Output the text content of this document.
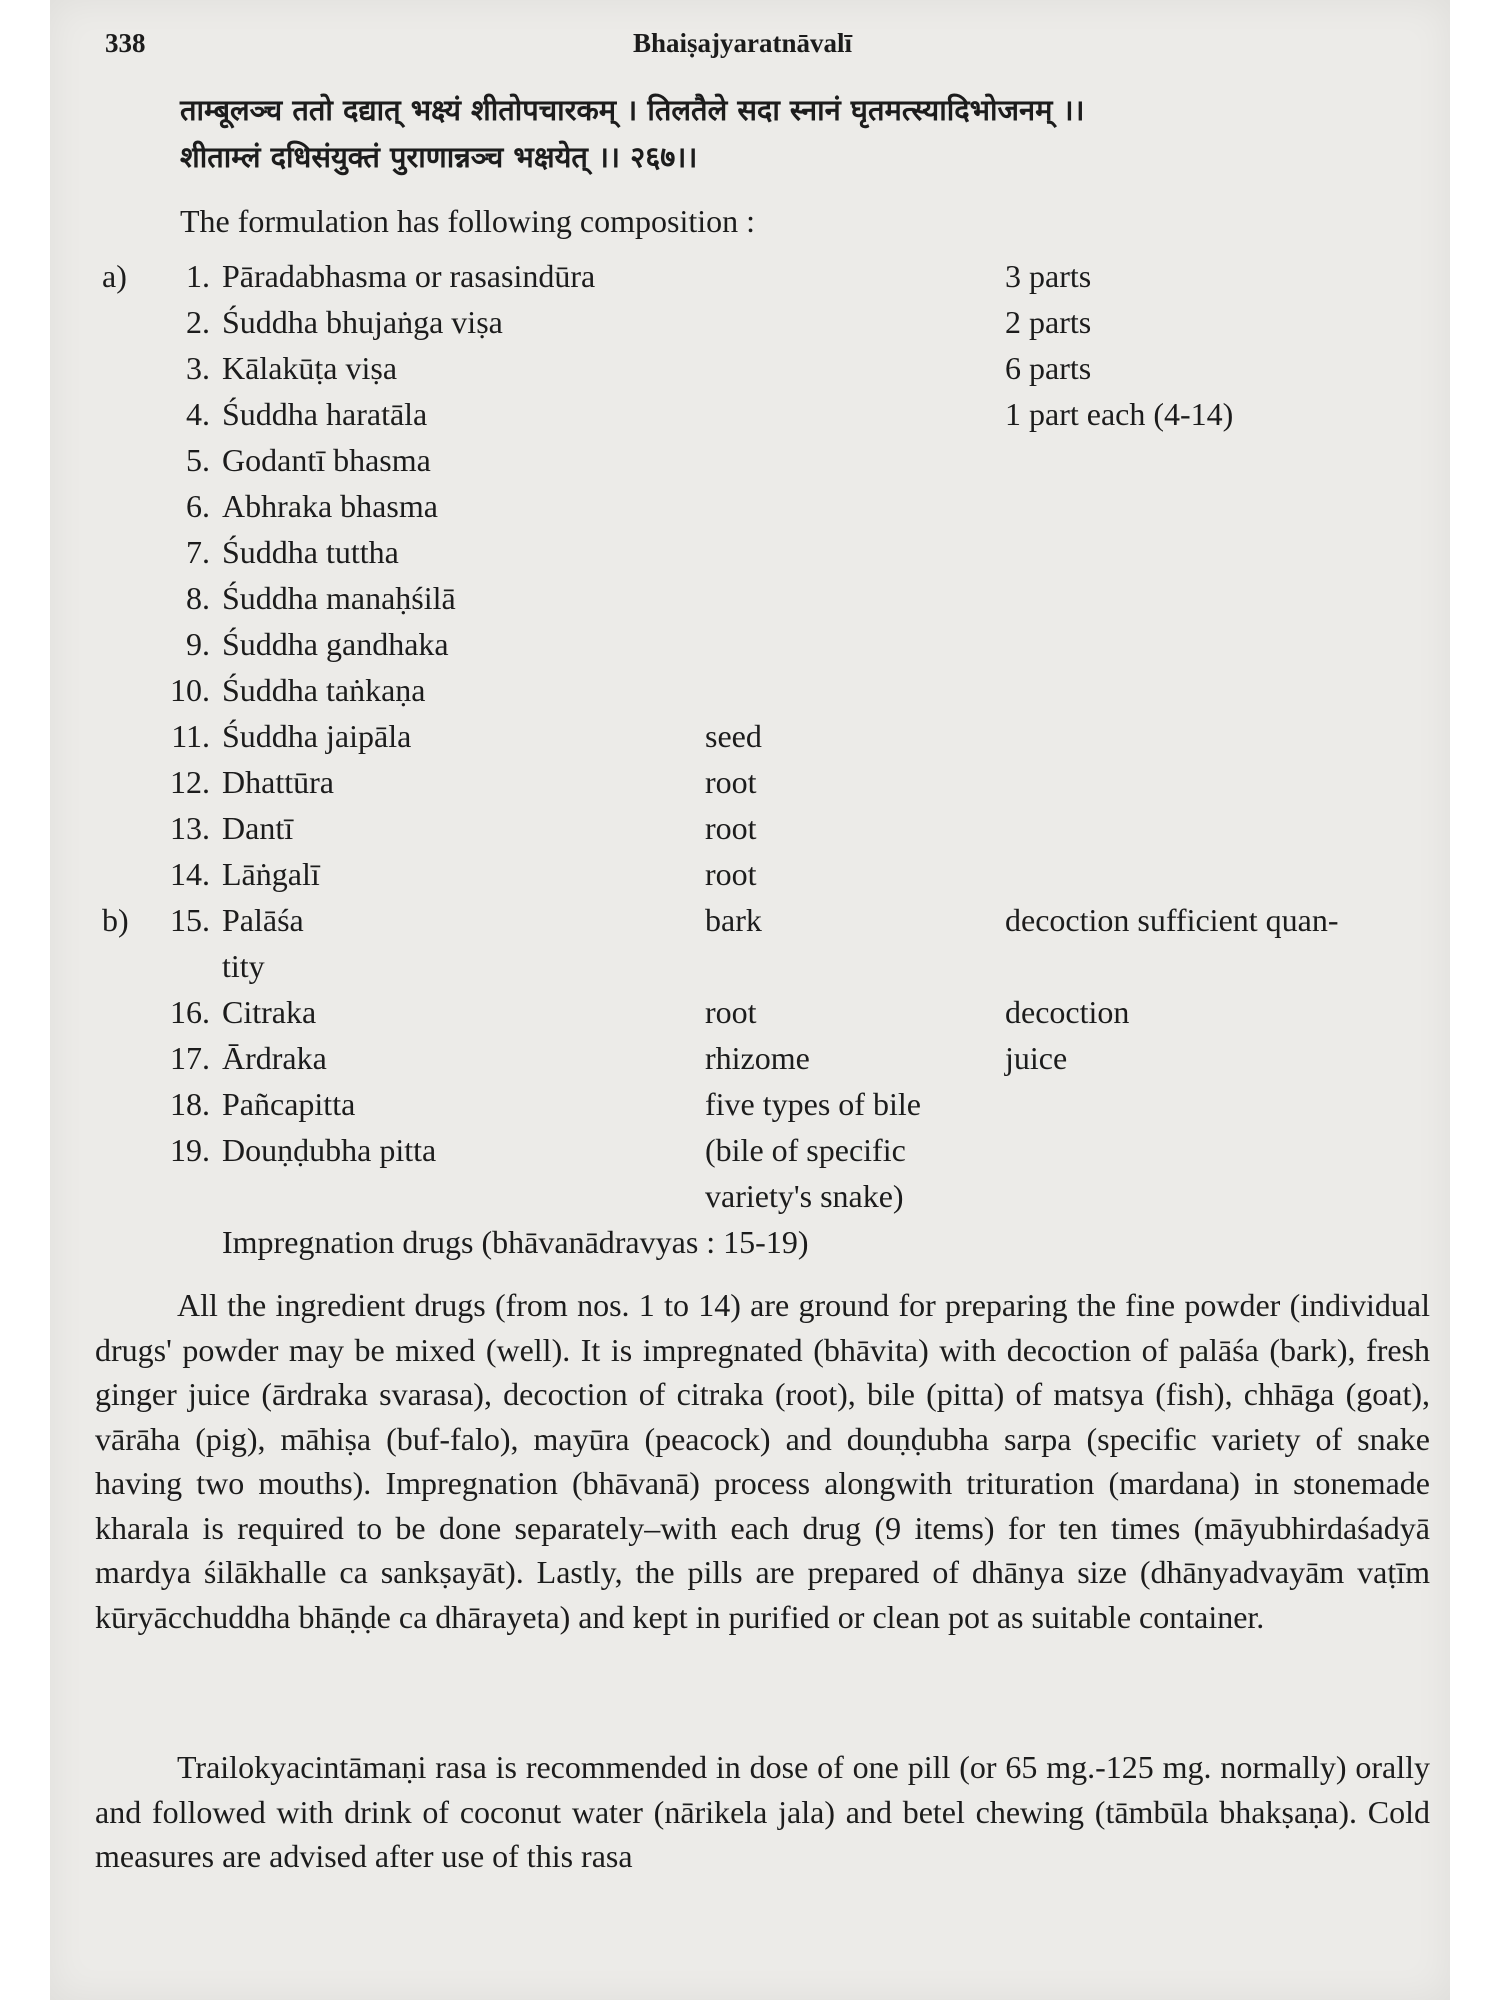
338	Bhaiṣajyaratnāvalī
ताम्बूलञ्च ततो दद्यात् भक्ष्यं शीतोपचारकम् । तिलतैले सदा स्नानं घृतमत्स्यादिभोजनम् ।।
शीताम्लं दधिसंयुक्तं पुराणान्नञ्च भक्षयेत् ।। २६७।।
The formulation has following composition :
a)	1. Pāradabhasma or rasasindūra	3 parts
2. Śuddha bhujaṅga viṣa	2 parts
3. Kālakūṭa viṣa	6 parts
4. Śuddha haratāla	1 part each (4-14)
5. Godantī bhasma
6. Abhraka bhasma
7. Śuddha tuttha
8. Śuddha manaḥśilā
9. Śuddha gandhaka
10. Śuddha taṅkaṇa
11. Śuddha jaipāla	seed
12. Dhattūra	root
13. Dantī	root
14. Lāṅgalī	root
b)	15. Palāśa	bark	decoction sufficient quan-
tity
16. Citraka	root	decoction
17. Ārdraka	rhizome	juice
18. Pañcapitta	five types of bile
19. Douṇḍubha pitta	(bile of specific
variety's snake)
Impregnation drugs (bhāvanādravyas : 15-19)

All the ingredient drugs (from nos. 1 to 14) are ground for preparing the fine powder (individual drugs' powder may be mixed (well). It is impregnated (bhāvita) with decoction of palāśa (bark), fresh ginger juice (ārdraka svarasa), decoction of citraka (root), bile (pitta) of matsya (fish), chhāga (goat), vārāha (pig), māhiṣa (buf-falo), mayūra (peacock) and douṇḍubha sarpa (specific variety of snake having two mouths). Impregnation (bhāvanā) process alongwith trituration (mardana) in stonemade kharala is required to be done separately–with each drug (9 items) for ten times (māyubhirdaśadyā mardya śilākhalle ca sankṣayāt). Lastly, the pills are prepared of dhānya size (dhānyadvayām vaṭīm kūryācchuddha bhāṇḍe ca dhārayeta) and kept in purified or clean pot as suitable container.

Trailokyacintāmaṇi rasa is recommended in dose of one pill (or 65 mg.-125 mg. normally) orally and followed with drink of coconut water (nārikela jala) and betel chewing (tāmbūla bhakṣaṇa). Cold measures are advised after use of this rasa
